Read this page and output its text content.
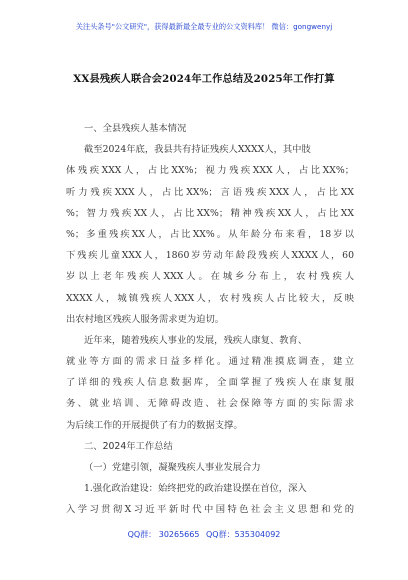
关注头条号"公文研究"，获得最新最全最专业的公文资料库！ 微信：gongwenyj
XX县残疾人联合会2024年工作总结及2025年工作打算
一、全县残疾人基本情况
截至2024年底，我县共有持证残疾人XXXX人，其中肢
体残疾XXX人，占比XX%；视力残疾XXX人，占比XX%；
听力残疾XXX人，占比XX%；言语残疾XXX人，占比XX
%；智力残疾XX人，占比XX%；精神残疾XX人，占比XX
%；多重残疾XX人，占比XX%。从年龄分布来看，18岁以
下残疾儿童XXX人，1860岁劳动年龄段残疾人XXXX人，60
岁以上老年残疾人XXX人。在城乡分布上，农村残疾人
XXXX人，城镇残疾人XXX人，农村残疾人占比较大，反映
出农村地区残疾人服务需求更为迫切。
近年来，随着残疾人事业的发展，残疾人康复、教育、
就业等方面的需求日益多样化。通过精准摸底调查，建立
了详细的残疾人信息数据库，全面掌握了残疾人在康复服
务、就业培训、无障碍改造、社会保障等方面的实际需求
为后续工作的开展提供了有力的数据支撑。
二、2024年工作总结
（一）党建引领，凝聚残疾人事业发展合力
1.强化政治建设：始终把党的政治建设摆在首位，深入
入学习贯彻X习近平新时代中国特色社会主义思想和党的
QQ群： 30265665 QQ群：535304092
